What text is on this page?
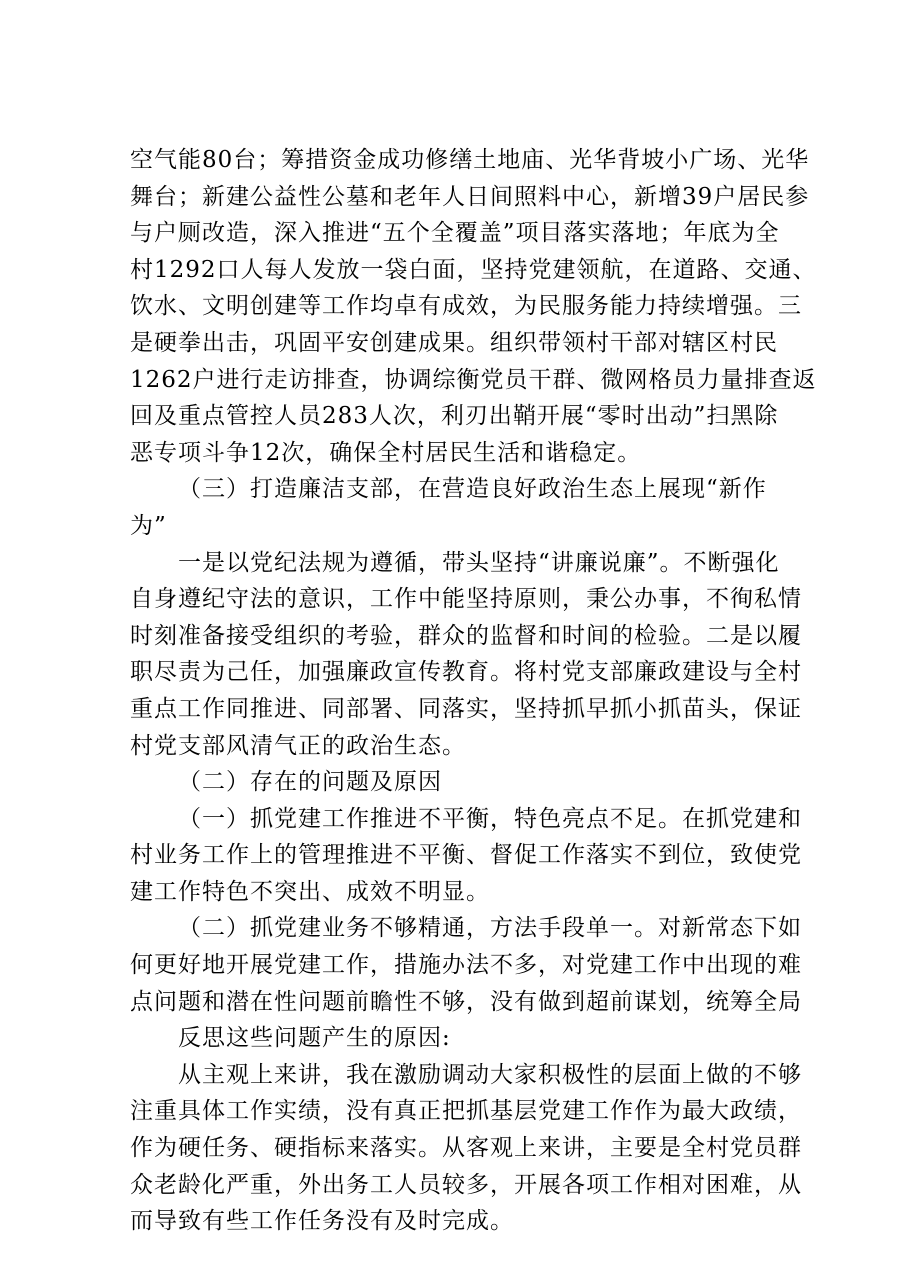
空气能80台；筹措资金成功修缮土地庙、光华背坡小广场、光华
舞台；新建公益性公墓和老年人日间照料中心，新增39户居民参
与户厕改造，深入推进“五个全覆盖”项目落实落地；年底为全
村1292口人每人发放一袋白面，坚持党建领航，在道路、交通、
饮水、文明创建等工作均卓有成效，为民服务能力持续增强。三
是硬拳出击，巩固平安创建成果。组织带领村干部对辖区村民
1262户进行走访排查，协调综衡党员干群、微网格员力量排查返
回及重点管控人员283人次，利刃出鞘开展“零时出动”扫黑除
恶专项斗争12次，确保全村居民生活和谐稳定。
（三）打造廉洁支部，在营造良好政治生态上展现“新作
为”
一是以党纪法规为遵循，带头坚持“讲廉说廉”。不断强化
自身遵纪守法的意识，工作中能坚持原则，秉公办事，不徇私情
时刻准备接受组织的考验，群众的监督和时间的检验。二是以履
职尽责为己任，加强廉政宣传教育。将村党支部廉政建设与全村
重点工作同推进、同部署、同落实，坚持抓早抓小抓苗头，保证
村党支部风清气正的政治生态。
（二）存在的问题及原因
（一）抓党建工作推进不平衡，特色亮点不足。在抓党建和
村业务工作上的管理推进不平衡、督促工作落实不到位，致使党
建工作特色不突出、成效不明显。
（二）抓党建业务不够精通，方法手段单一。对新常态下如
何更好地开展党建工作，措施办法不多，对党建工作中出现的难
点问题和潜在性问题前瞻性不够，没有做到超前谋划，统筹全局
反思这些问题产生的原因:
从主观上来讲，我在激励调动大家积极性的层面上做的不够
注重具体工作实绩，没有真正把抓基层党建工作作为最大政绩，
作为硬任务、硬指标来落实。从客观上来讲，主要是全村党员群
众老龄化严重，外出务工人员较多，开展各项工作相对困难，从
而导致有些工作任务没有及时完成。
